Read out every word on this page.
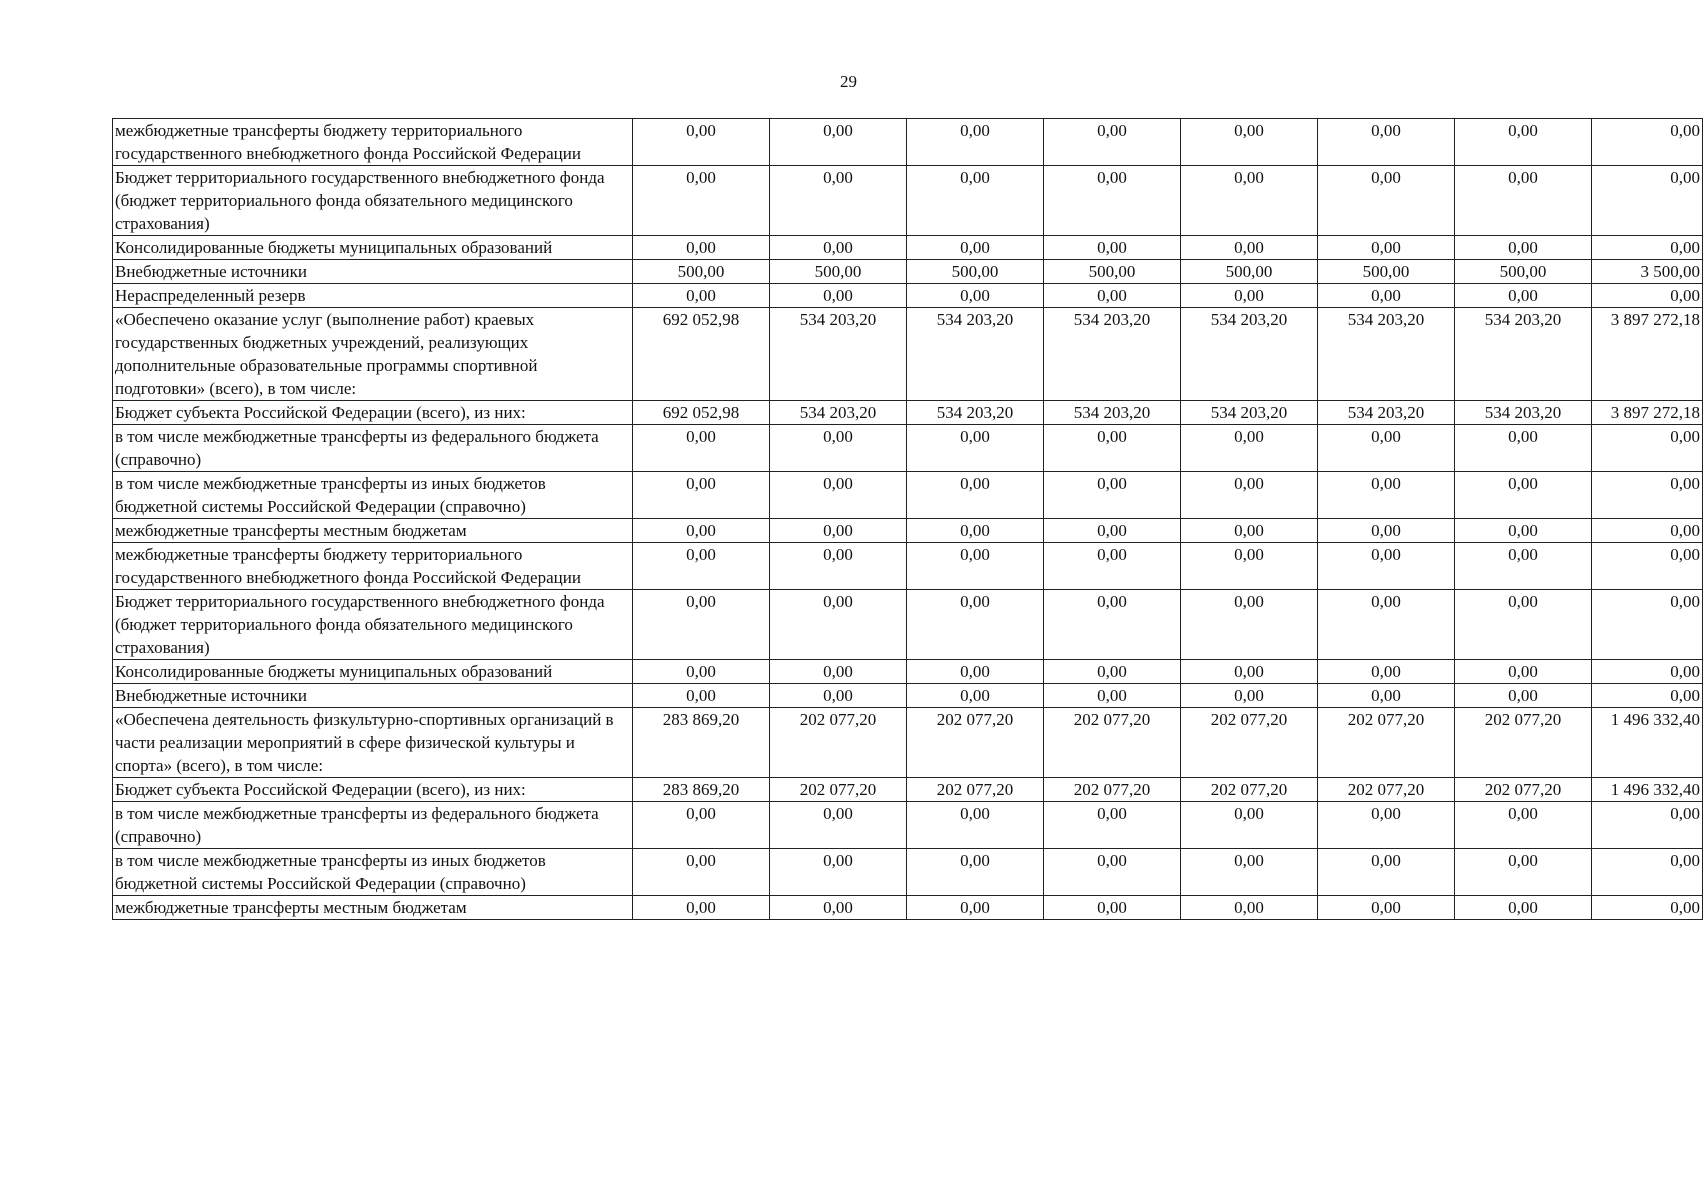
29
межбюджетные трансферты бюджету территориального государственного внебюджетного фонда Российской Федерации	0,00	0,00	0,00	0,00	0,00	0,00	0,00	0,00
Бюджет территориального государственного внебюджетного фонда (бюджет территориального фонда обязательного медицинского страхования)	0,00	0,00	0,00	0,00	0,00	0,00	0,00	0,00
Консолидированные бюджеты муниципальных образований	0,00	0,00	0,00	0,00	0,00	0,00	0,00	0,00
Внебюджетные источники	500,00	500,00	500,00	500,00	500,00	500,00	500,00	3 500,00
Нераспределенный резерв	0,00	0,00	0,00	0,00	0,00	0,00	0,00	0,00
«Обеспечено оказание услуг (выполнение работ) краевых государственных бюджетных учреждений, реализующих дополнительные образовательные программы спортивной подготовки» (всего), в том числе:	692 052,98	534 203,20	534 203,20	534 203,20	534 203,20	534 203,20	534 203,20	3 897 272,18
Бюджет субъекта Российской Федерации (всего), из них:	692 052,98	534 203,20	534 203,20	534 203,20	534 203,20	534 203,20	534 203,20	3 897 272,18
в том числе межбюджетные трансферты из федерального бюджета (справочно)	0,00	0,00	0,00	0,00	0,00	0,00	0,00	0,00
в том числе межбюджетные трансферты из иных бюджетов бюджетной системы Российской Федерации (справочно)	0,00	0,00	0,00	0,00	0,00	0,00	0,00	0,00
межбюджетные трансферты местным бюджетам	0,00	0,00	0,00	0,00	0,00	0,00	0,00	0,00
межбюджетные трансферты бюджету территориального государственного внебюджетного фонда Российской Федерации	0,00	0,00	0,00	0,00	0,00	0,00	0,00	0,00
Бюджет территориального государственного внебюджетного фонда (бюджет территориального фонда обязательного медицинского страхования)	0,00	0,00	0,00	0,00	0,00	0,00	0,00	0,00
Консолидированные бюджеты муниципальных образований	0,00	0,00	0,00	0,00	0,00	0,00	0,00	0,00
Внебюджетные источники	0,00	0,00	0,00	0,00	0,00	0,00	0,00	0,00
«Обеспечена деятельность физкультурно-спортивных организаций в части реализации мероприятий в сфере физической культуры и спорта» (всего), в том числе:	283 869,20	202 077,20	202 077,20	202 077,20	202 077,20	202 077,20	202 077,20	1 496 332,40
Бюджет субъекта Российской Федерации (всего), из них:	283 869,20	202 077,20	202 077,20	202 077,20	202 077,20	202 077,20	202 077,20	1 496 332,40
в том числе межбюджетные трансферты из федерального бюджета (справочно)	0,00	0,00	0,00	0,00	0,00	0,00	0,00	0,00
в том числе межбюджетные трансферты из иных бюджетов бюджетной системы Российской Федерации (справочно)	0,00	0,00	0,00	0,00	0,00	0,00	0,00	0,00
межбюджетные трансферты местным бюджетам	0,00	0,00	0,00	0,00	0,00	0,00	0,00	0,00
